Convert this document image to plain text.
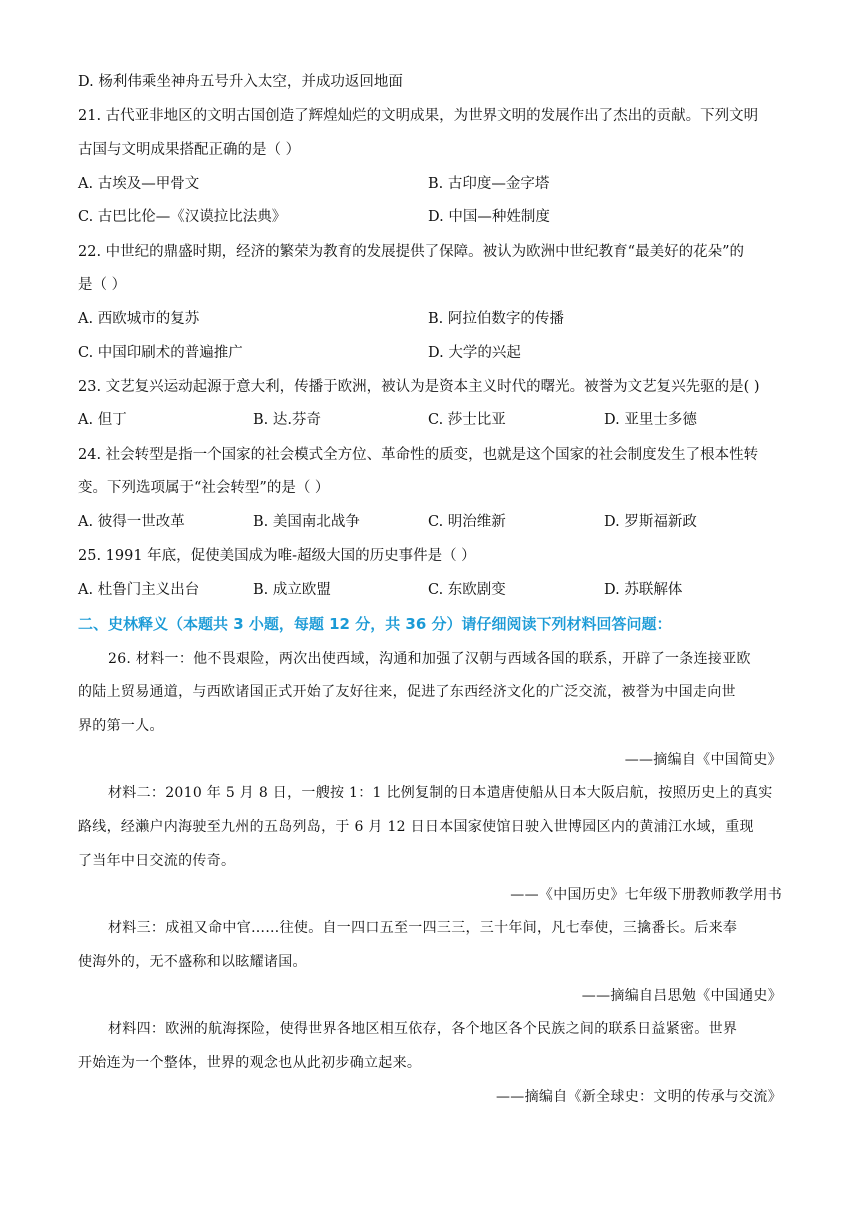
D. 杨利伟乘坐神舟五号升入太空，并成功返回地面
21. 古代亚非地区的文明古国创造了辉煌灿烂的文明成果，为世界文明的发展作出了杰出的贡献。下列文明
古国与文明成果搭配正确的是（ ）
A. 古埃及—甲骨文	B. 古印度—金字塔
C. 古巴比伦—《汉谟拉比法典》	D. 中国—种姓制度
22. 中世纪的鼎盛时期，经济的繁荣为教育的发展提供了保障。被认为欧洲中世纪教育“最美好的花朵”的
是（ ）
A. 西欧城市的复苏	B. 阿拉伯数字的传播
C. 中国印刷术的普遍推广	D. 大学的兴起
23. 文艺复兴运动起源于意大利，传播于欧洲，被认为是资本主义时代的曙光。被誉为文艺复兴先驱的是( )
A. 但丁	B. 达.芬奇	C. 莎士比亚	D. 亚里士多德
24. 社会转型是指一个国家的社会模式全方位、革命性的质变，也就是这个国家的社会制度发生了根本性转
变。下列选项属于“社会转型”的是（ ）
A. 彼得一世改革	B. 美国南北战争	C. 明治维新	D. 罗斯福新政
25. 1991 年底，促使美国成为唯-超级大国的历史事件是（ ）
A. 杜鲁门主义出台	B. 成立欧盟	C. 东欧剧变	D. 苏联解体
二、史林释义（本题共 3 小题，每题 12 分，共 36 分）请仔细阅读下列材料回答问题：
26. 材料一：他不畏艰险，两次出使西域，沟通和加强了汉朝与西域各国的联系，开辟了一条连接亚欧
的陆上贸易通道，与西欧诸国正式开始了友好往来，促进了东西经济文化的广泛交流，被誉为中国走向世
界的第一人。
——摘编自《中国简史》
材料二：2010 年 5 月 8 日，一艘按 1：1 比例复制的日本遣唐使船从日本大阪启航，按照历史上的真实
路线，经濑户内海驶至九州的五岛列岛，于 6 月 12 日日本国家使馆日驶入世博园区内的黄浦江水域，重现
了当年中日交流的传奇。
——《中国历史》七年级下册教师教学用书
材料三：成祖又命中官……往使。自一四口五至一四三三，三十年间，凡七奉使，三擒番长。后来奉
使海外的，无不盛称和以眩耀诸国。
——摘编自吕思勉《中国通史》
材料四：欧洲的航海探险，使得世界各地区相互依存，各个地区各个民族之间的联系日益紧密。世界
开始连为一个整体，世界的观念也从此初步确立起来。
——摘编自《新全球史：文明的传承与交流》
